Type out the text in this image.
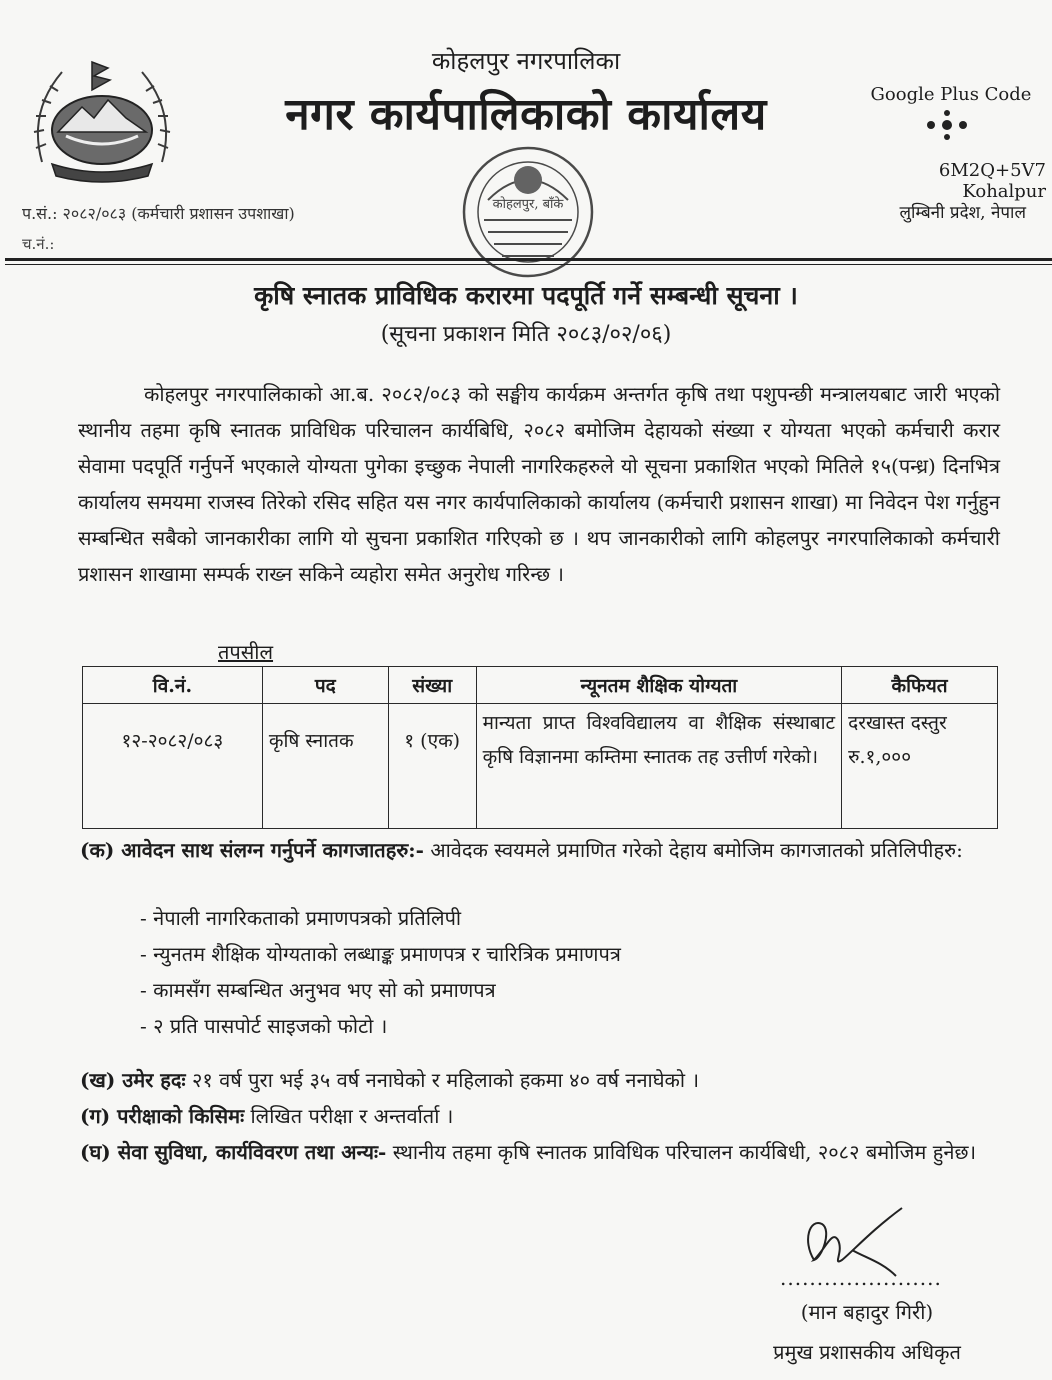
कोहलपुर, बाँके
कोहलपुर नगरपालिका
नगर कार्यपालिकाको कार्यालय
प.सं.: २०८२/०८३ (कर्मचारी प्रशासन उपशाखा)
च.नं.:
Google Plus Code
6M2Q+5V7 Kohalpur
लुम्बिनी प्रदेश, नेपाल
कृषि स्नातक प्राविधिक करारमा पदपूर्ति गर्ने सम्बन्धी सूचना ।
(सूचना प्रकाशन मिति २०८३/०२/०६)
कोहलपुर नगरपालिकाको आ.ब. २०८२/०८३ को सङ्घीय कार्यक्रम अन्तर्गत कृषि तथा पशुपन्छी मन्त्रालयबाट जारी भएको स्थानीय तहमा कृषि स्नातक प्राविधिक परिचालन कार्यबिधि, २०८२ बमोजिम देहायको संख्या र योग्यता भएको कर्मचारी करार सेवामा पदपूर्ति गर्नुपर्ने भएकाले योग्यता पुगेका इच्छुक नेपाली नागरिकहरुले यो सूचना प्रकाशित भएको मितिले १५(पन्ध्र) दिनभित्र कार्यालय समयमा राजस्व तिरेको रसिद सहित यस नगर कार्यपालिकाको कार्यालय (कर्मचारी प्रशासन शाखा) मा निवेदन पेश गर्नुहुन सम्बन्धित सबैको जानकारीका लागि यो सुचना प्रकाशित गरिएको छ । थप जानकारीको लागि कोहलपुर नगरपालिकाको कर्मचारी प्रशासन शाखामा सम्पर्क राख्न सकिने व्यहोरा समेत अनुरोध गरिन्छ ।
तपसील
वि.नं.	पद	संख्या	न्यूनतम शैक्षिक योग्यता	कैफियत
१२-२०८२/०८३	कृषि स्नातक	१ (एक)	मान्यता प्राप्त विश्वविद्यालय वा शैक्षिक संस्थाबाट कृषि विज्ञानमा कम्तिमा स्नातक तह उत्तीर्ण गरेको।	दरखास्त दस्तुर रु.१,०००
(क) आवेदन साथ संलग्न गर्नुपर्ने कागजातहरु:- आवेदक स्वयमले प्रमाणित गरेको देहाय बमोजिम कागजातको प्रतिलिपीहरु:
- नेपाली नागरिकताको प्रमाणपत्रको प्रतिलिपी
- न्युनतम शैक्षिक योग्यताको लब्धाङ्क प्रमाणपत्र र चारित्रिक प्रमाणपत्र
- कामसँग सम्बन्धित अनुभव भए सो को प्रमाणपत्र
- २ प्रति पासपोर्ट साइजको फोटो ।
(ख) उमेर हदः २१ वर्ष पुरा भई ३५ वर्ष ननाघेको र महिलाको हकमा ४० वर्ष ननाघेको ।
(ग) परीक्षाको किसिमः लिखित परीक्षा र अन्तर्वार्ता ।
(घ) सेवा सुविधा, कार्यविवरण तथा अन्यः- स्थानीय तहमा कृषि स्नातक प्राविधिक परिचालन कार्यबिधी, २०८२ बमोजिम हुनेछ।
......................
(मान बहादुर गिरी)
प्रमुख प्रशासकीय अधिकृत
